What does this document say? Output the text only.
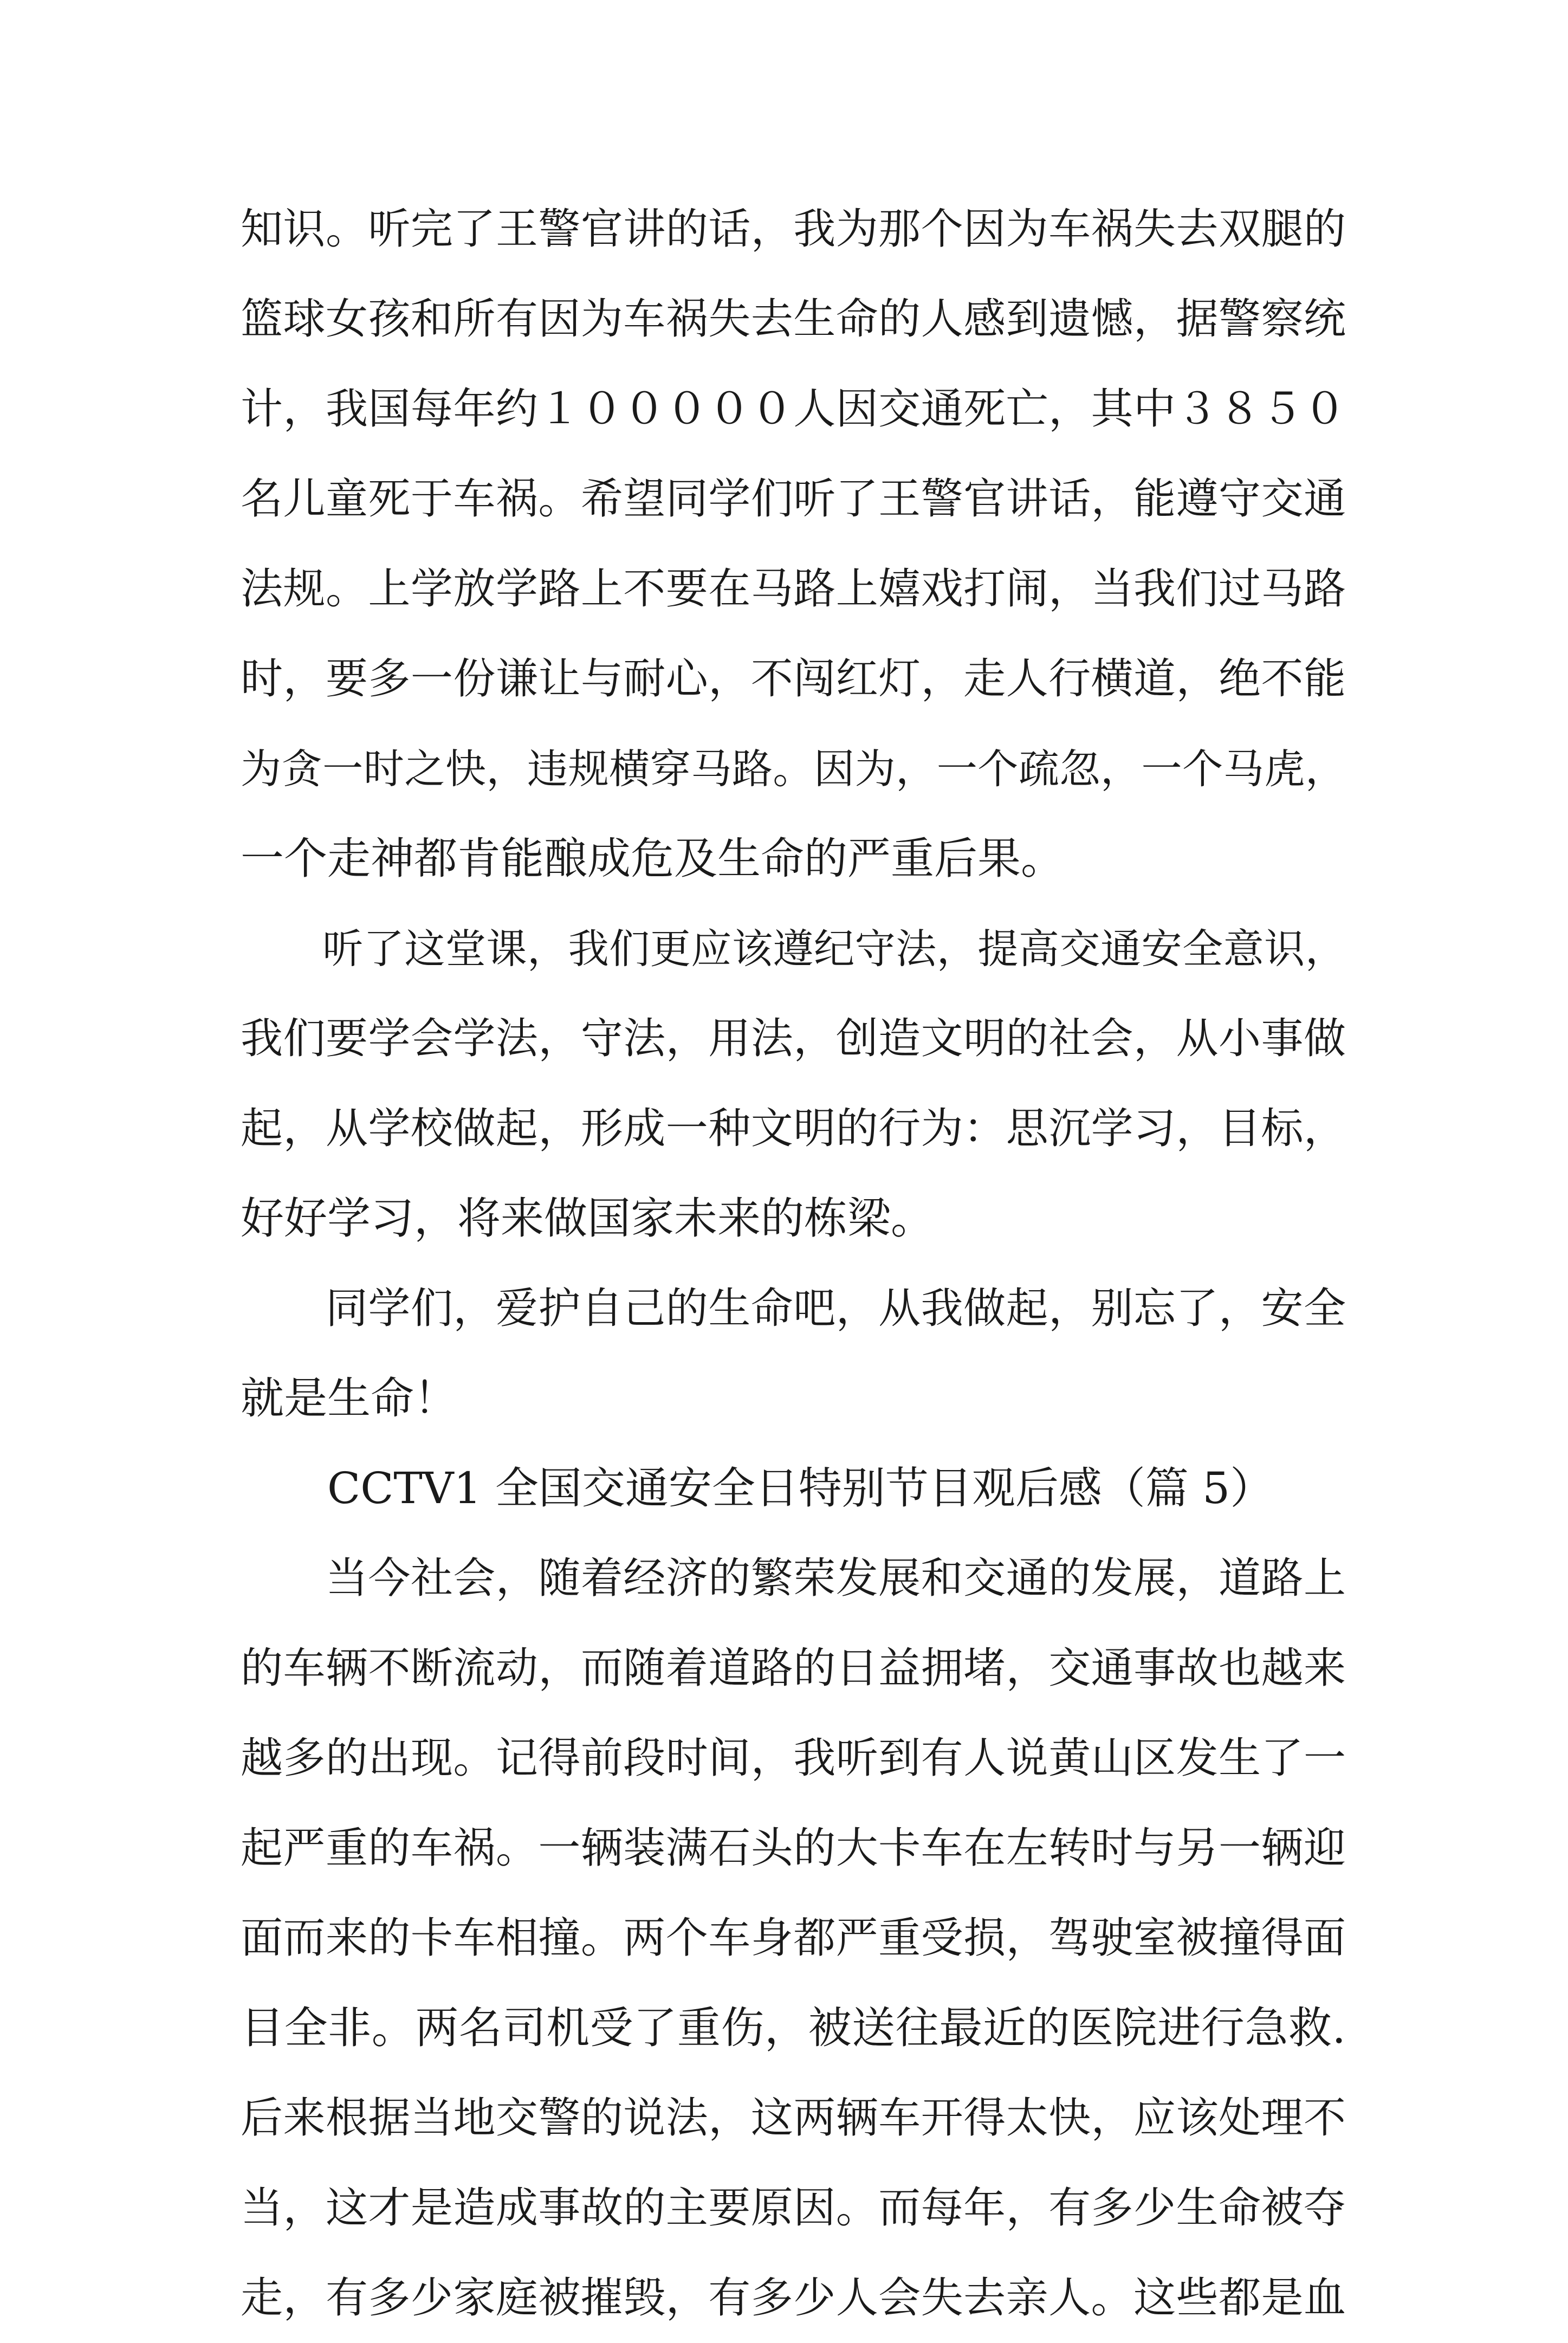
知识。听完了王警官讲的话，我为那个因为车祸失去双腿的
篮球女孩和所有因为车祸失去生命的人感到遗憾，据警察统
计，我国每年约１０００００人因交通死亡，其中３８５０
名儿童死于车祸。希望同学们听了王警官讲话，能遵守交通
法规。上学放学路上不要在马路上嬉戏打闹，当我们过马路
时，要多一份谦让与耐心，不闯红灯，走人行横道，绝不能
为贪一时之快，违规横穿马路。因为，一个疏忽，一个马虎，
一个走神都肯能酿成危及生命的严重后果。
　　听了这堂课，我们更应该遵纪守法，提高交通安全意识，
我们要学会学法，守法，用法，创造文明的社会，从小事做
起，从学校做起，形成一种文明的行为：思沉学习，目标，
好好学习，将来做国家未来的栋梁。
　　同学们，爱护自己的生命吧，从我做起，别忘了，安全
就是生命！
　　CCTV1 全国交通安全日特别节目观后感（篇 5）
　　当今社会，随着经济的繁荣发展和交通的发展，道路上
的车辆不断流动，而随着道路的日益拥堵，交通事故也越来
越多的出现。记得前段时间，我听到有人说黄山区发生了一
起严重的车祸。一辆装满石头的大卡车在左转时与另一辆迎
面而来的卡车相撞。两个车身都严重受损，驾驶室被撞得面
目全非。两名司机受了重伤，被送往最近的医院进行急救.
后来根据当地交警的说法，这两辆车开得太快，应该处理不
当，这才是造成事故的主要原因。而每年，有多少生命被夺
走，有多少家庭被摧毁，有多少人会失去亲人。这些都是血
